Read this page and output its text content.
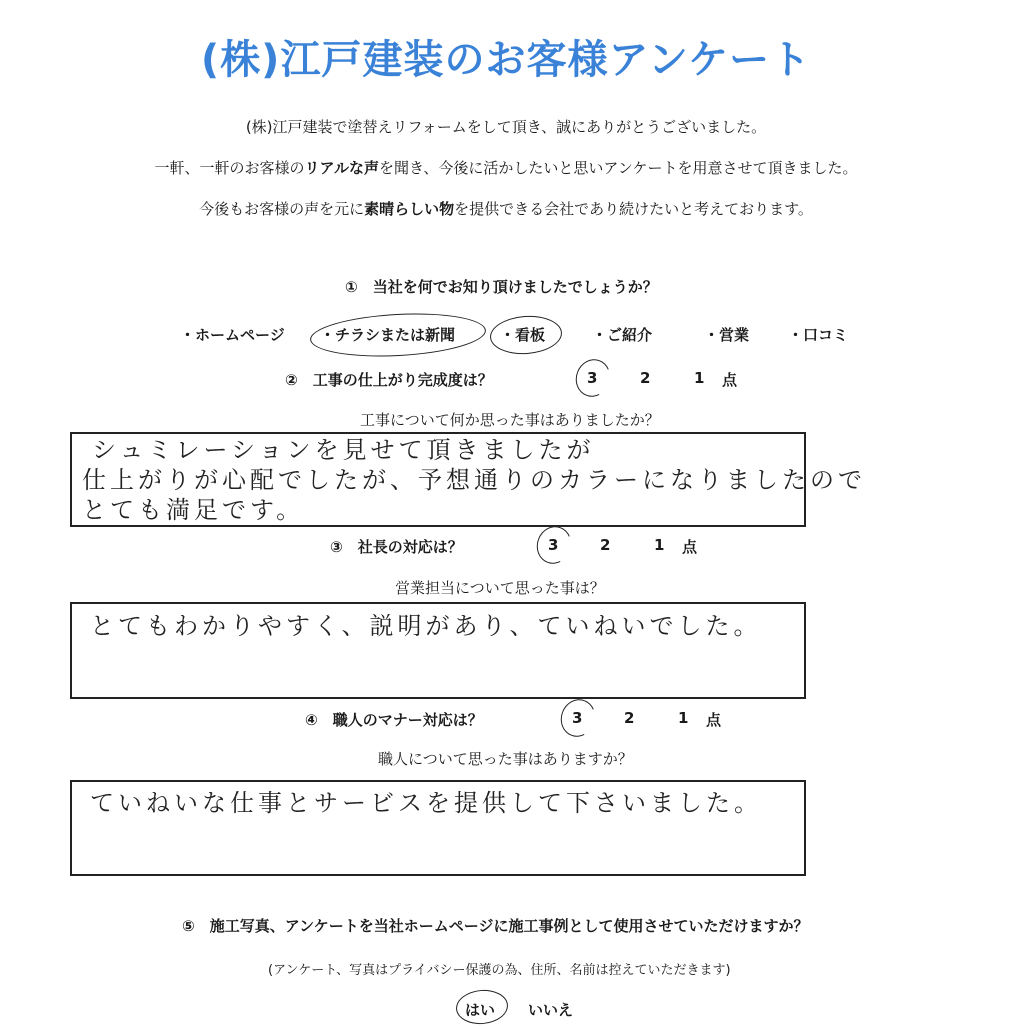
(株)江戸建装のお客様アンケート
(株)江戸建装で塗替えリフォームをして頂き、誠にありがとうございました。
一軒、一軒のお客様のリアルな声を聞き、今後に活かしたいと思いアンケートを用意させて頂きました。
今後もお客様の声を元に素晴らしい物を提供できる会社であり続けたいと考えております。
①　当社を何でお知り頂けましたでしょうか？
・ホームページ ・チラシまたは新聞	・看板	・ご紹介	・営業	・口コミ
②　工事の仕上がり完成度は？	3	2	1 点
工事について何か思った事はありましたか？
シュミレーションを見せて頂きましたが
仕上がりが心配でしたが、予想通りのカラーになりましたので
とても満足です。
③　社長の対応は？	3	2	1 点
営業担当について思った事は？
とてもわかりやすく、説明があり、ていねいでした。
④　職人のマナー対応は？	3	2	1 点
職人について思った事はありますか？
ていねいな仕事とサービスを提供して下さいました。
⑤　施工写真、アンケートを当社ホームページに施工事例として使用させていただけますか？
(アンケート、写真はプライバシー保護の為、住所、名前は控えていただきます)
はい いいえ
